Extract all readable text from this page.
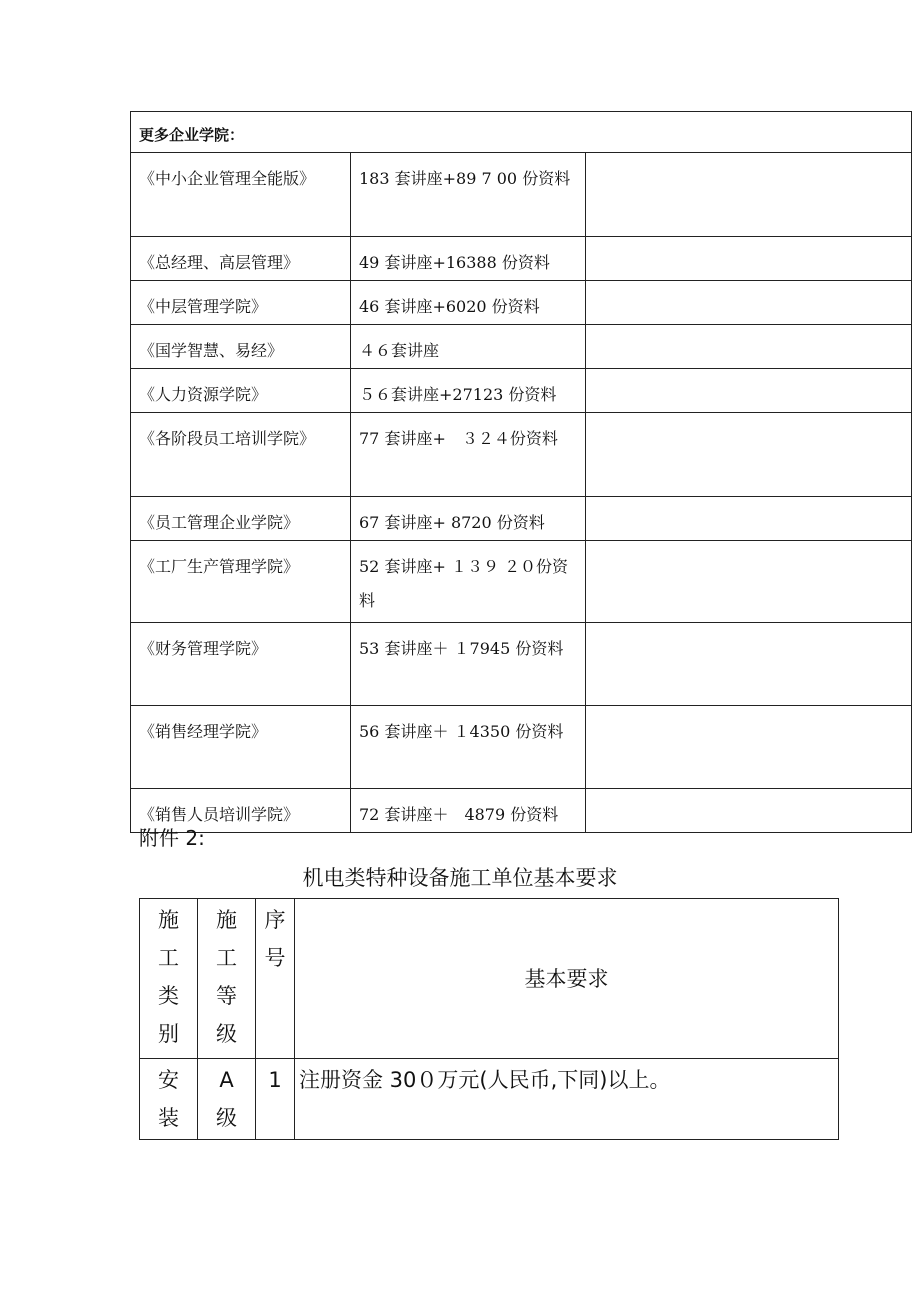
更多企业学院：		
《中小企业管理全能版》	183 套讲座+89 7 00 份资料	
《总经理、高层管理》	49 套讲座+16388 份资料	
《中层管理学院》	46 套讲座+6020 份资料	
《国学智慧、易经》	４６套讲座	
《人力资源学院》	５６套讲座+27123 份资料	
《各阶段员工培训学院》	77 套讲座+　３２４份资料	
《员工管理企业学院》	67 套讲座+ 8720 份资料	
《工厂生产管理学院》	52 套讲座+ １３９ ２０份资料	
《财务管理学院》	53 套讲座＋ １7945 份资料	
《销售经理学院》	56 套讲座＋ １4350 份资料	
《销售人员培训学院》	72 套讲座＋　4879 份资料	
附件 2:
机电类特种设备施工单位基本要求
施工类别	施工等级	序号	基本要求

安装	A级	1	注册资金 30０万元(人民币,下同)以上。
